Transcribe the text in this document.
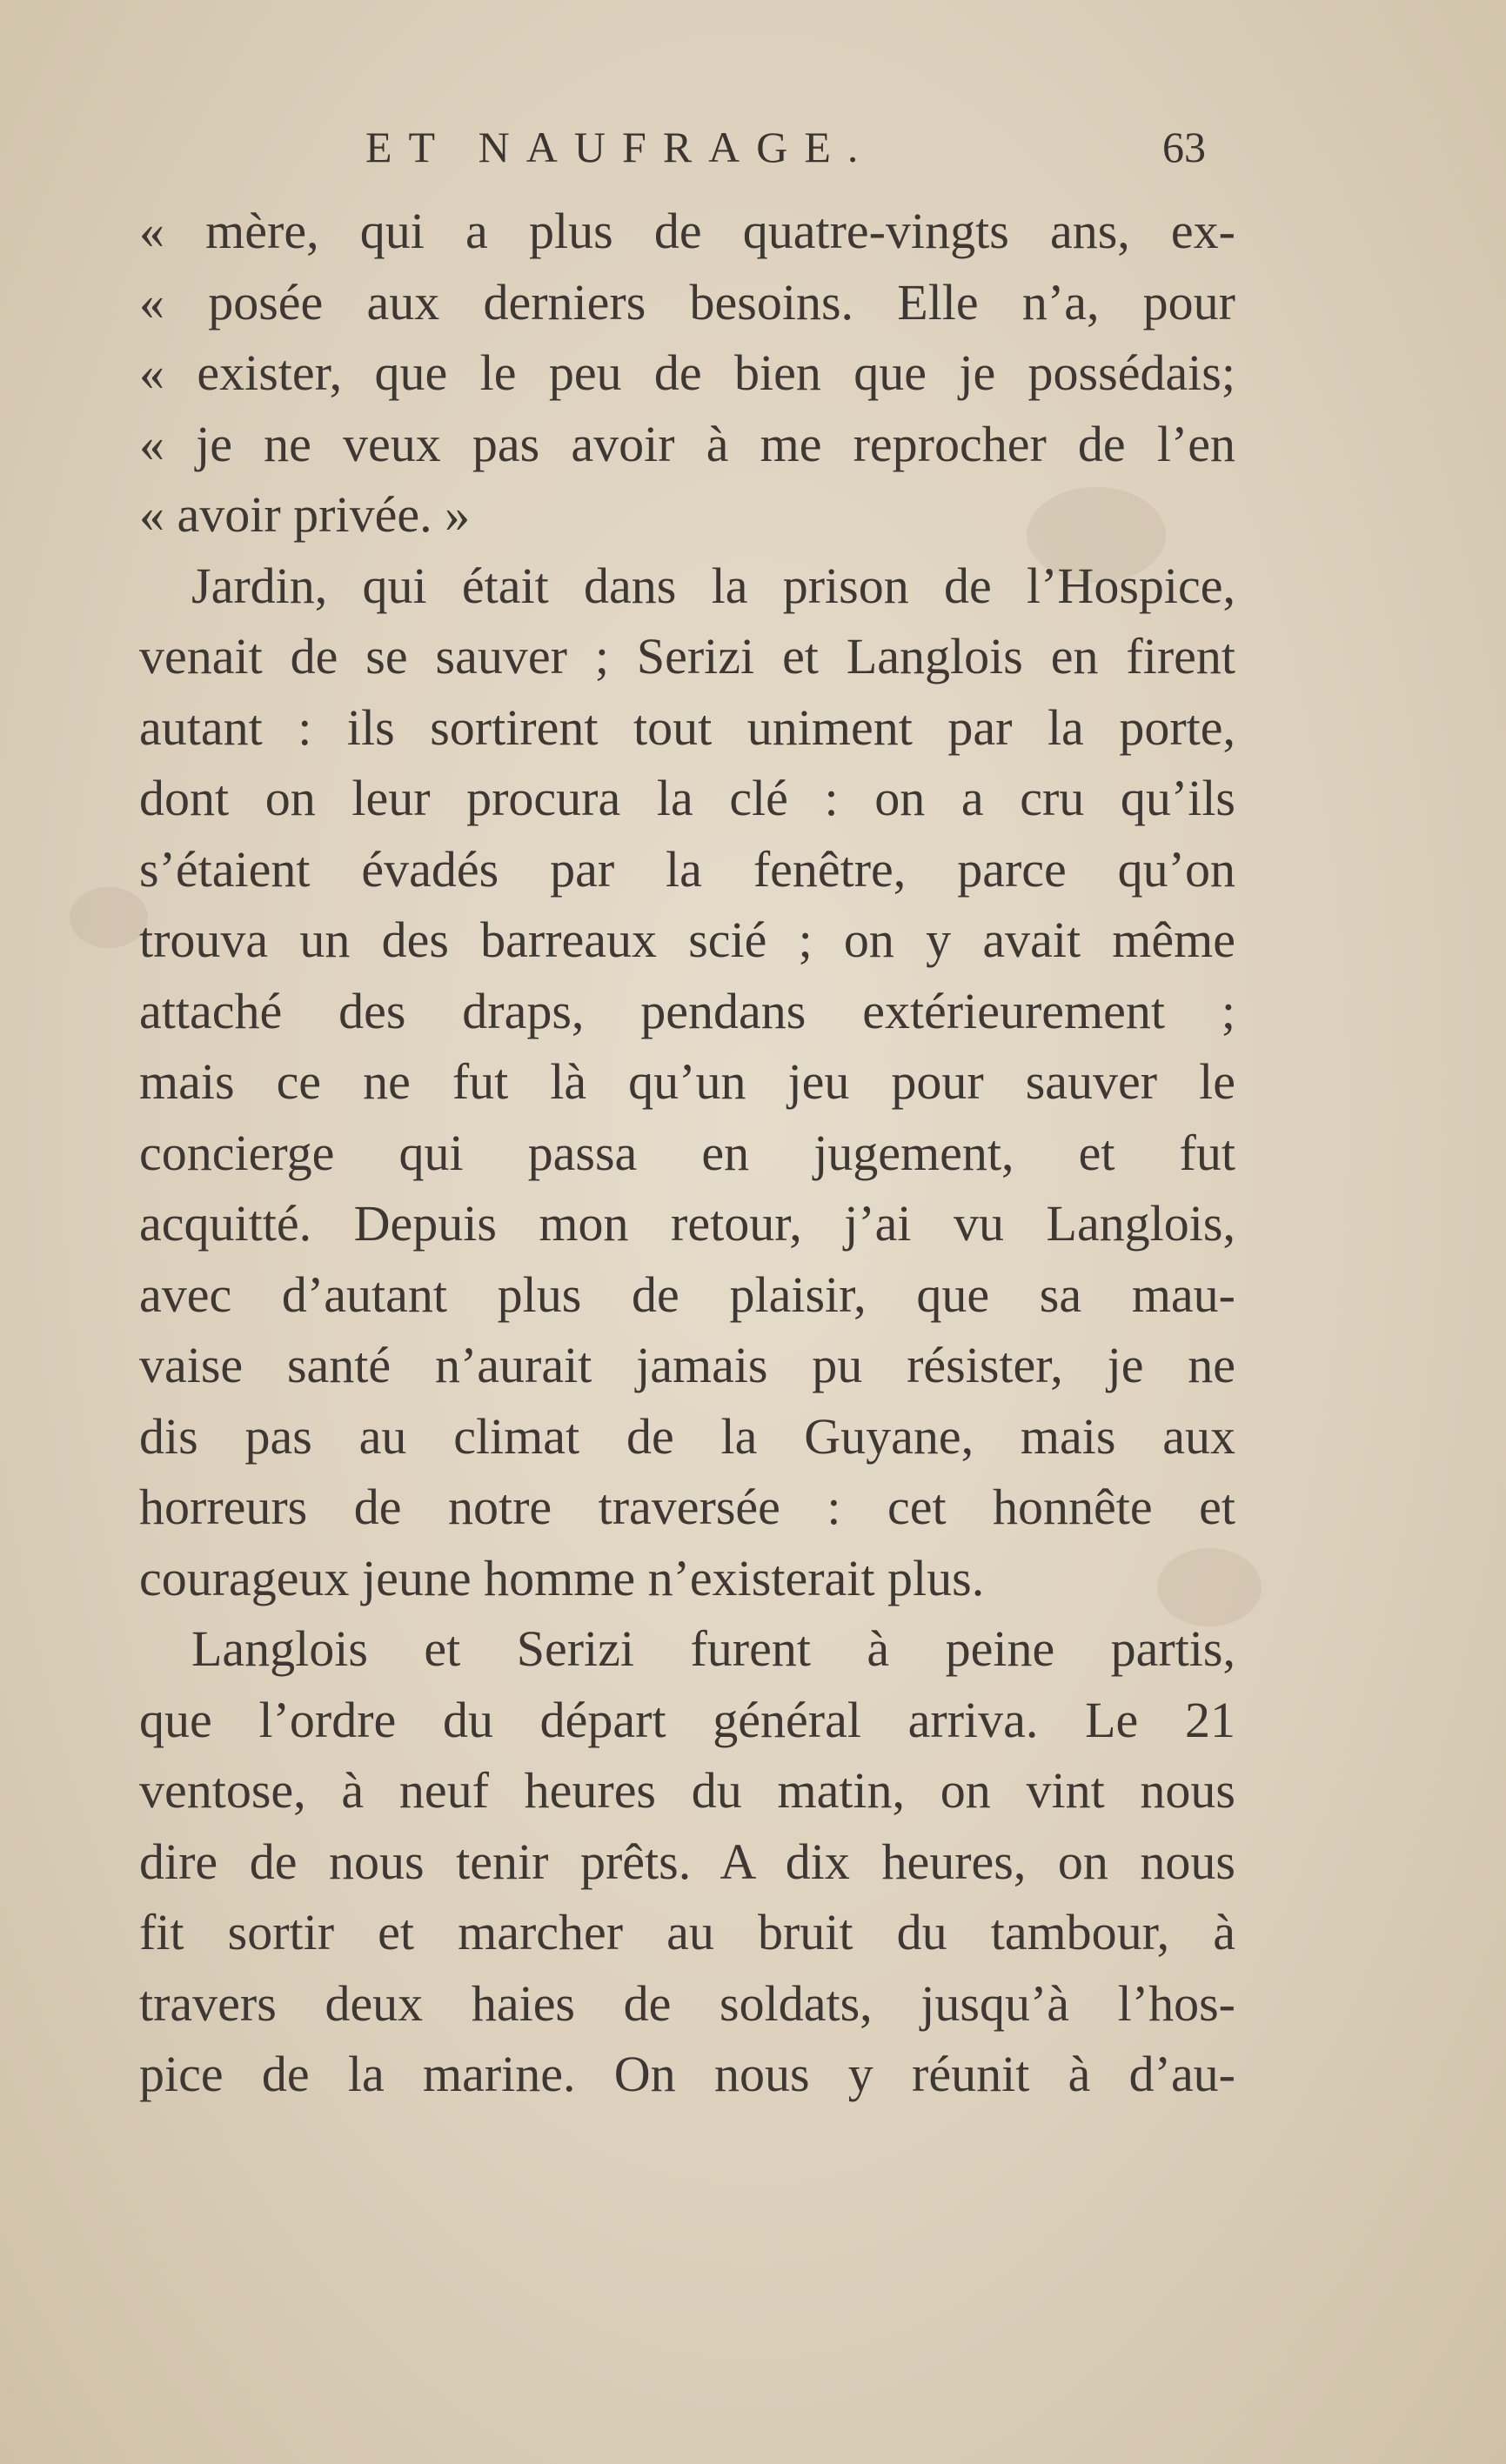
ET NAUFRAGE.	63
« mère, qui a plus de quatre-vingts ans, ex-
« posée aux derniers besoins. Elle n’a, pour
« exister, que le peu de bien que je possédais;
« je ne veux pas avoir à me reprocher de l’en
« avoir privée. »
Jardin, qui était dans la prison de l’Hospice,
venait de se sauver ; Serizi et Langlois en firent
autant : ils sortirent tout uniment par la porte,
dont on leur procura la clé : on a cru qu’ils
s’étaient évadés par la fenêtre, parce qu’on
trouva un des barreaux scié ; on y avait même
attaché des draps, pendans extérieurement ;
mais ce ne fut là qu’un jeu pour sauver le
concierge qui passa en jugement, et fut
acquitté. Depuis mon retour, j’ai vu Langlois,
avec d’autant plus de plaisir, que sa mau-
vaise santé n’aurait jamais pu résister, je ne
dis pas au climat de la Guyane, mais aux
horreurs de notre traversée : cet honnête et
courageux jeune homme n’existerait plus.
Langlois et Serizi furent à peine partis,
que l’ordre du départ général arriva. Le 21
ventose, à neuf heures du matin, on vint nous
dire de nous tenir prêts. A dix heures, on nous
fit sortir et marcher au bruit du tambour, à
travers deux haies de soldats, jusqu’à l’hos-
pice de la marine. On nous y réunit à d’au-
